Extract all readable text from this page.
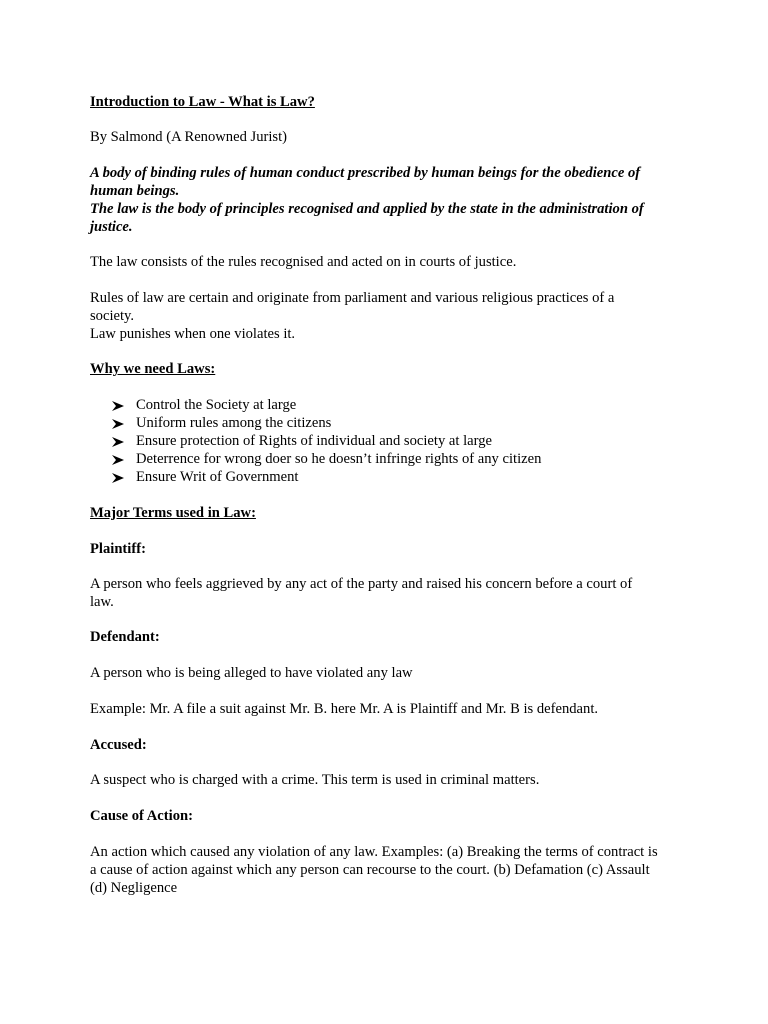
Introduction to Law - What is Law?

By Salmond (A Renowned Jurist)

A body of binding rules of human conduct prescribed by human beings for the obedience of

human beings.

The law is the body of principles recognised and applied by the state in the administration of

justice.

The law consists of the rules recognised and acted on in courts of justice.

Rules of law are certain and originate from parliament and various religious practices of a

society.

Law punishes when one violates it.

Why we need Laws:

Control the Society at large
Uniform rules among the citizens
Ensure protection of Rights of individual and society at large
Deterrence for wrong doer so he doesn’t infringe rights of any citizen
Ensure Writ of Government

Major Terms used in Law:

Plaintiff:

A person who feels aggrieved by any act of the party and raised his concern before a court of

law.

Defendant:

A person who is being alleged to have violated any law

Example: Mr. A file a suit against Mr. B. here Mr. A is Plaintiff and Mr. B is defendant.

Accused:

A suspect who is charged with a crime. This term is used in criminal matters.

Cause of Action:

An action which caused any violation of any law. Examples: (a) Breaking the terms of contract is

a cause of action against which any person can recourse to the court. (b) Defamation (c) Assault

(d) Negligence
